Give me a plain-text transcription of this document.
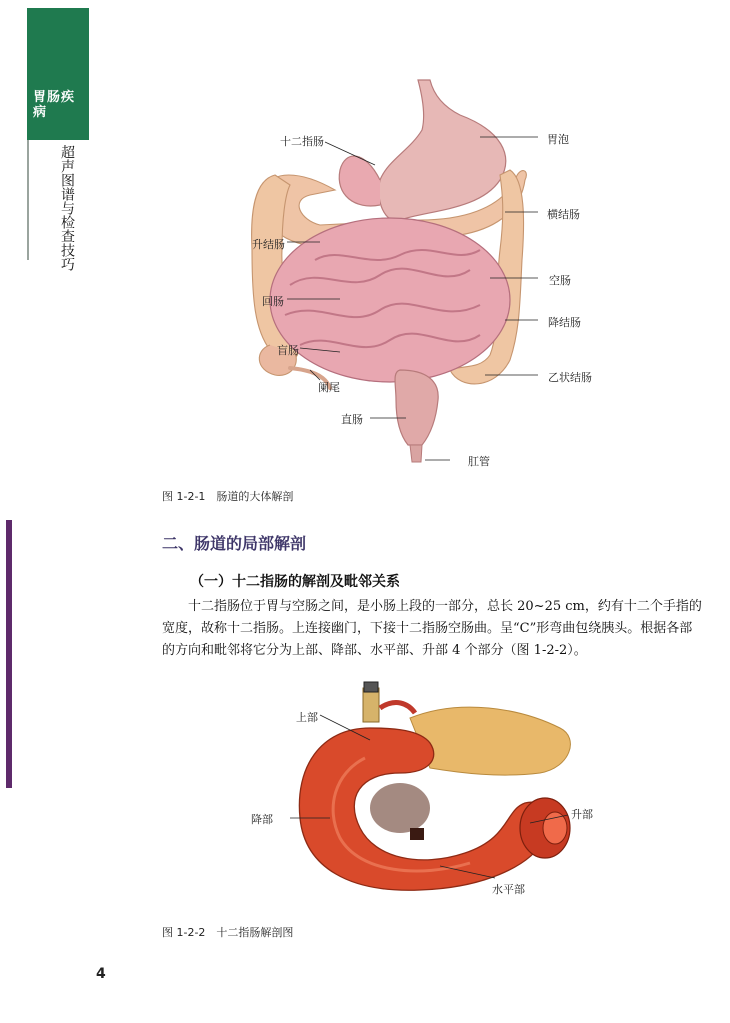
胃肠疾病
超声图谱与检查技巧
十二指肠	胃泡
横结肠
升结肠
空肠
回肠
降结肠
盲肠
阑尾
乙状结肠
直肠
肛管
图 1-2-1　肠道的大体解剖
二、肠道的局部解剖
（一）十二指肠的解剖及毗邻关系
十二指肠位于胃与空肠之间，是小肠上段的一部分，总长 20~25 cm，约有十二个手指的宽度，故称十二指肠。上连接幽门，下接十二指肠空肠曲。呈“C”形弯曲包绕胰头。根据各部的方向和毗邻将它分为上部、降部、水平部、升部 4 个部分（图 1-2-2）。
上部
降部	升部
水平部
图 1-2-2　十二指肠解剖图
4
